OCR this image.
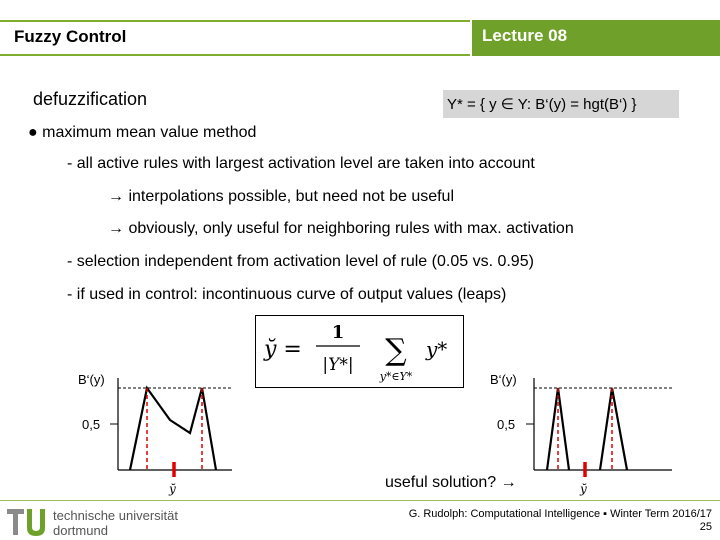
Fuzzy Control	Lecture 08
defuzzification	Y* = { y ∈ Y: B‘(y) = hgt(B‘) }
● maximum mean value method
- all active rules with largest activation level are taken into account
→ interpolations possible, but need not be useful
→ obviously, only useful for neighboring rules with max. activation
- selection independent from activation level of rule (0.05 vs. 0.95)
- if used in control: incontinuous curve of output values (leaps)
y̆ =
1
|Y*| ∑
y*∈Y*
y*
B‘(y)
0,5
y̆
B‘(y)
0,5
y̆
useful solution? →
technische universität
dortmund
G. Rudolph: Computational Intelligence ▪ Winter Term 2016/17
25
